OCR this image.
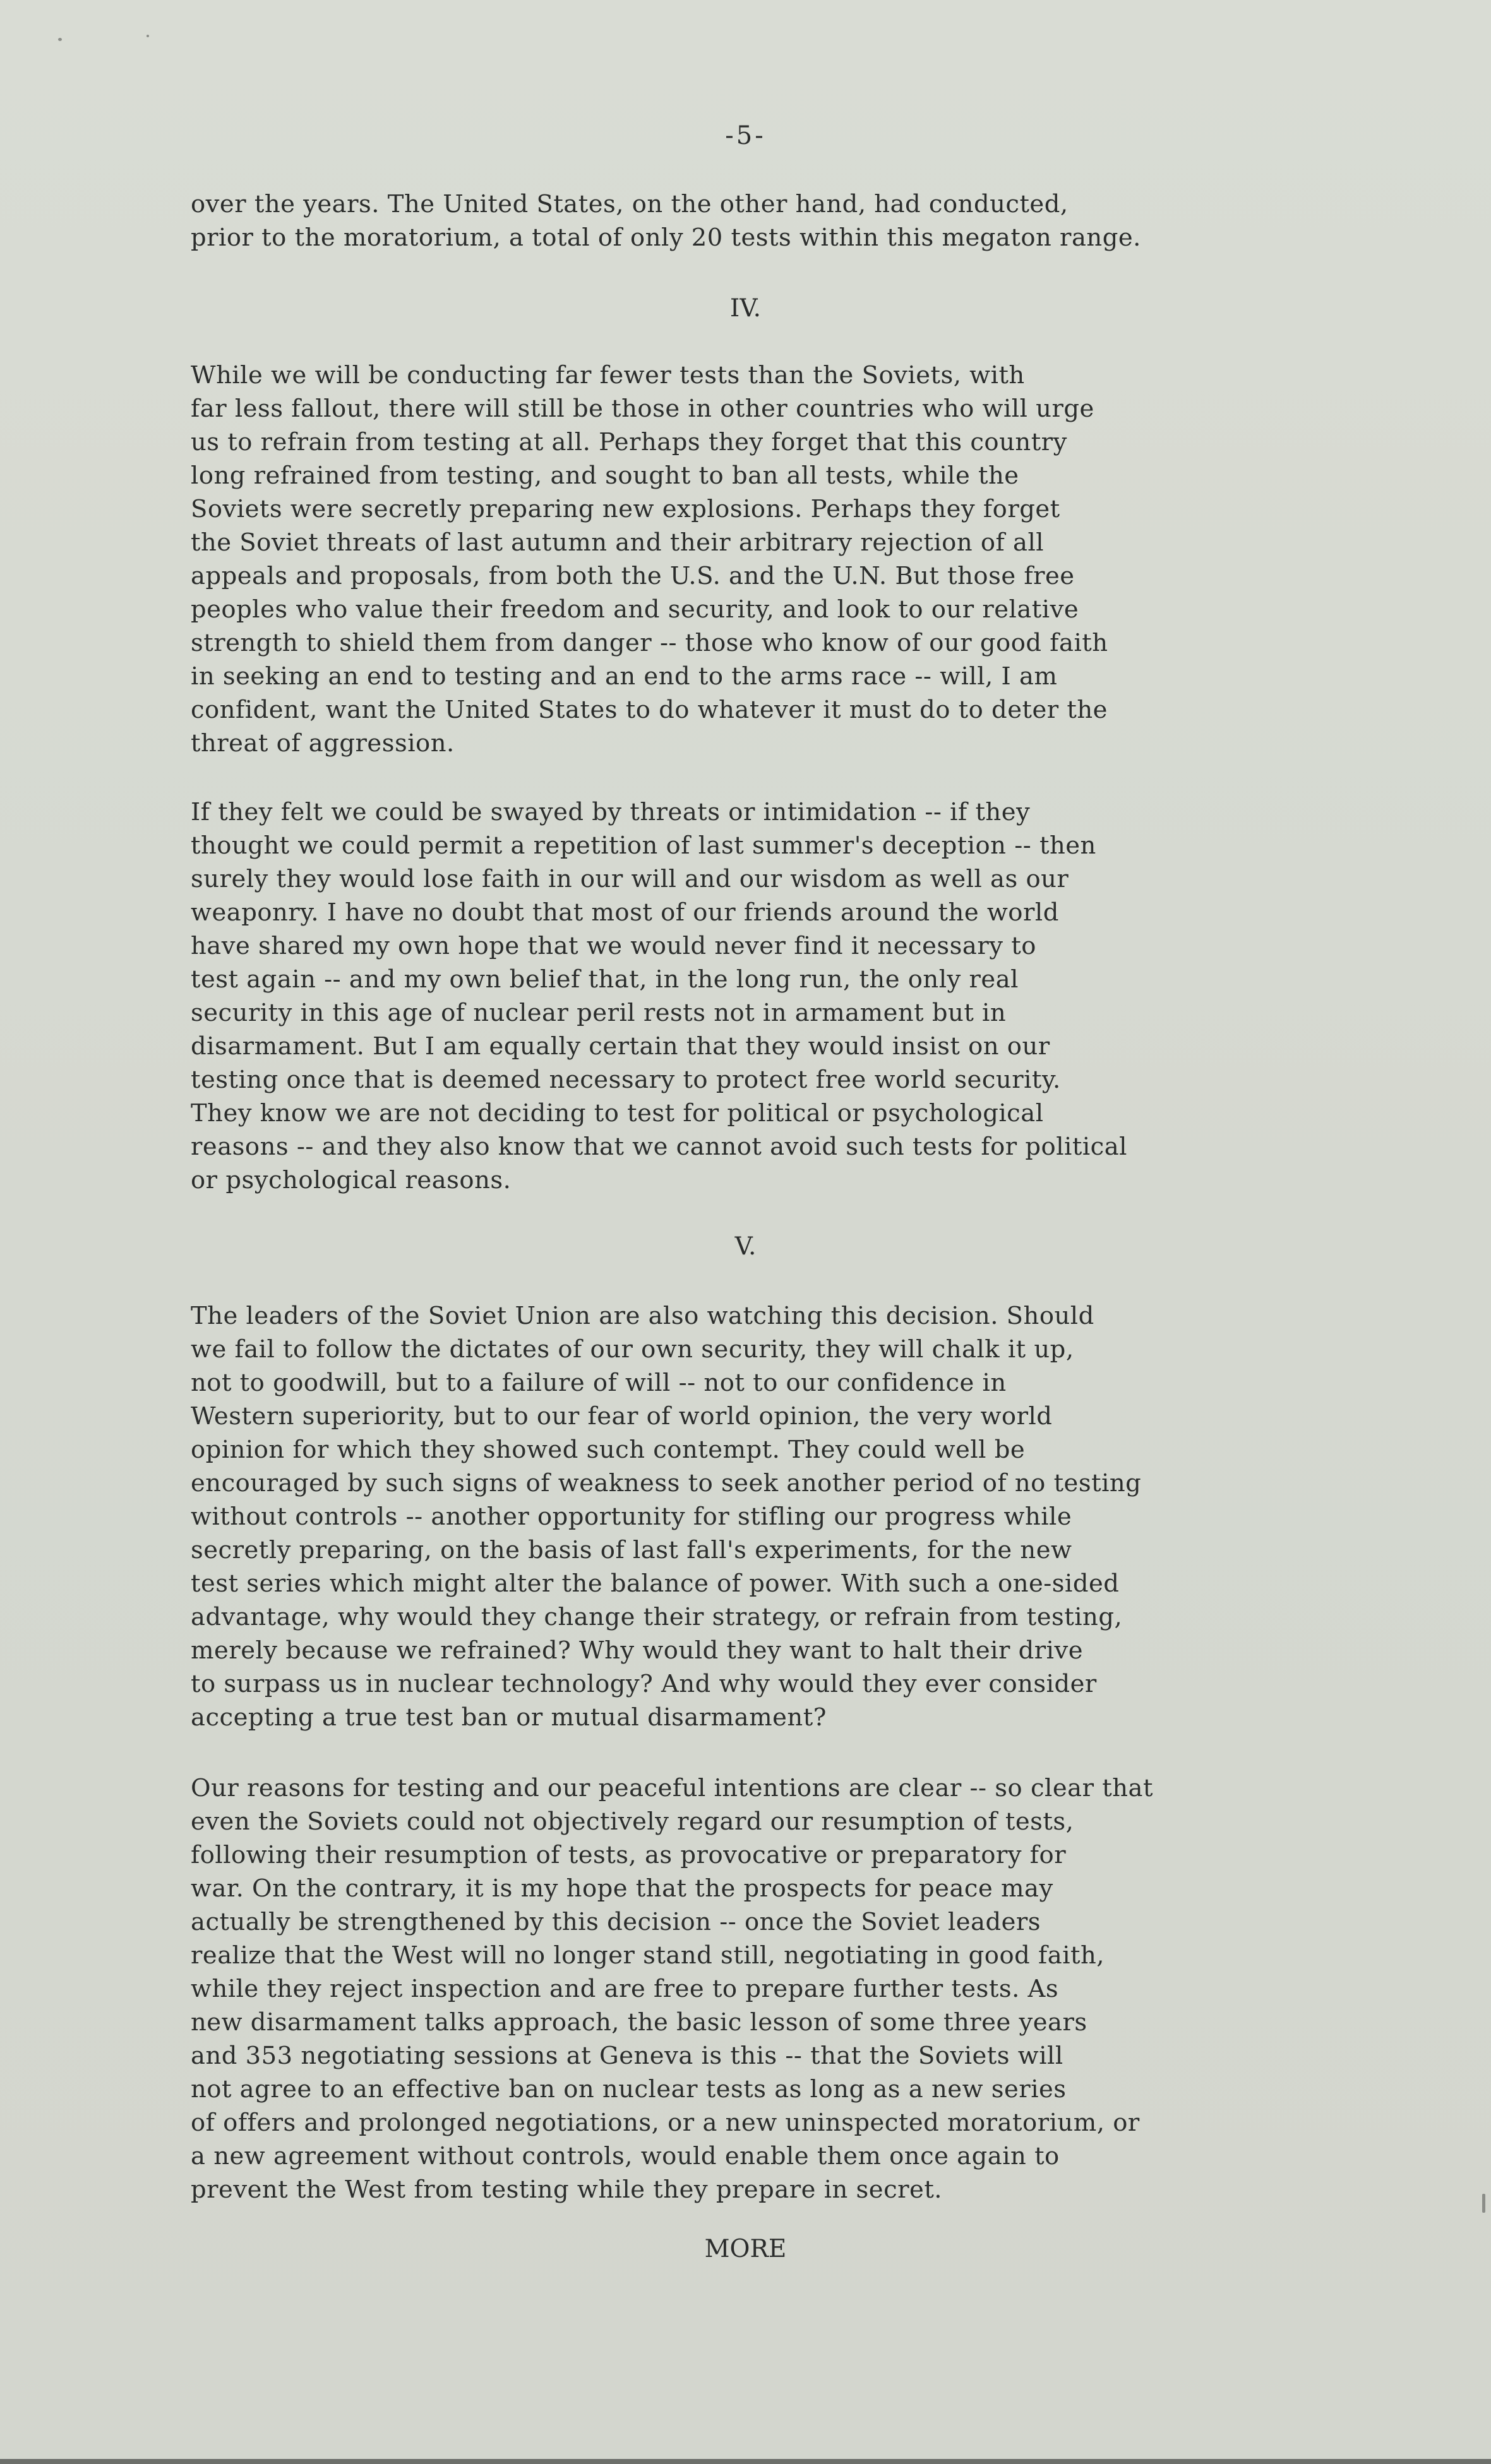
-5-
over the years. The United States, on the other hand, had conducted,
prior to the moratorium, a total of only 20 tests within this megaton range.
IV.
While we will be conducting far fewer tests than the Soviets, with
far less fallout, there will still be those in other countries who will urge
us to refrain from testing at all. Perhaps they forget that this country
long refrained from testing, and sought to ban all tests, while the
Soviets were secretly preparing new explosions. Perhaps they forget
the Soviet threats of last autumn and their arbitrary rejection of all
appeals and proposals, from both the U.S. and the U.N. But those free
peoples who value their freedom and security, and look to our relative
strength to shield them from danger -- those who know of our good faith
in seeking an end to testing and an end to the arms race -- will, I am
confident, want the United States to do whatever it must do to deter the
threat of aggression.
If they felt we could be swayed by threats or intimidation -- if they
thought we could permit a repetition of last summer's deception -- then
surely they would lose faith in our will and our wisdom as well as our
weaponry. I have no doubt that most of our friends around the world
have shared my own hope that we would never find it necessary to
test again -- and my own belief that, in the long run, the only real
security in this age of nuclear peril rests not in armament but in
disarmament. But I am equally certain that they would insist on our
testing once that is deemed necessary to protect free world security.
They know we are not deciding to test for political or psychological
reasons -- and they also know that we cannot avoid such tests for political
or psychological reasons.
V.
The leaders of the Soviet Union are also watching this decision. Should
we fail to follow the dictates of our own security, they will chalk it up,
not to goodwill, but to a failure of will -- not to our confidence in
Western superiority, but to our fear of world opinion, the very world
opinion for which they showed such contempt. They could well be
encouraged by such signs of weakness to seek another period of no testing
without controls -- another opportunity for stifling our progress while
secretly preparing, on the basis of last fall's experiments, for the new
test series which might alter the balance of power. With such a one-sided
advantage, why would they change their strategy, or refrain from testing,
merely because we refrained? Why would they want to halt their drive
to surpass us in nuclear technology? And why would they ever consider
accepting a true test ban or mutual disarmament?
Our reasons for testing and our peaceful intentions are clear -- so clear that
even the Soviets could not objectively regard our resumption of tests,
following their resumption of tests, as provocative or preparatory for
war. On the contrary, it is my hope that the prospects for peace may
actually be strengthened by this decision -- once the Soviet leaders
realize that the West will no longer stand still, negotiating in good faith,
while they reject inspection and are free to prepare further tests. As
new disarmament talks approach, the basic lesson of some three years
and 353 negotiating sessions at Geneva is this -- that the Soviets will
not agree to an effective ban on nuclear tests as long as a new series
of offers and prolonged negotiations, or a new uninspected moratorium, or
a new agreement without controls, would enable them once again to
prevent the West from testing while they prepare in secret.
MORE
